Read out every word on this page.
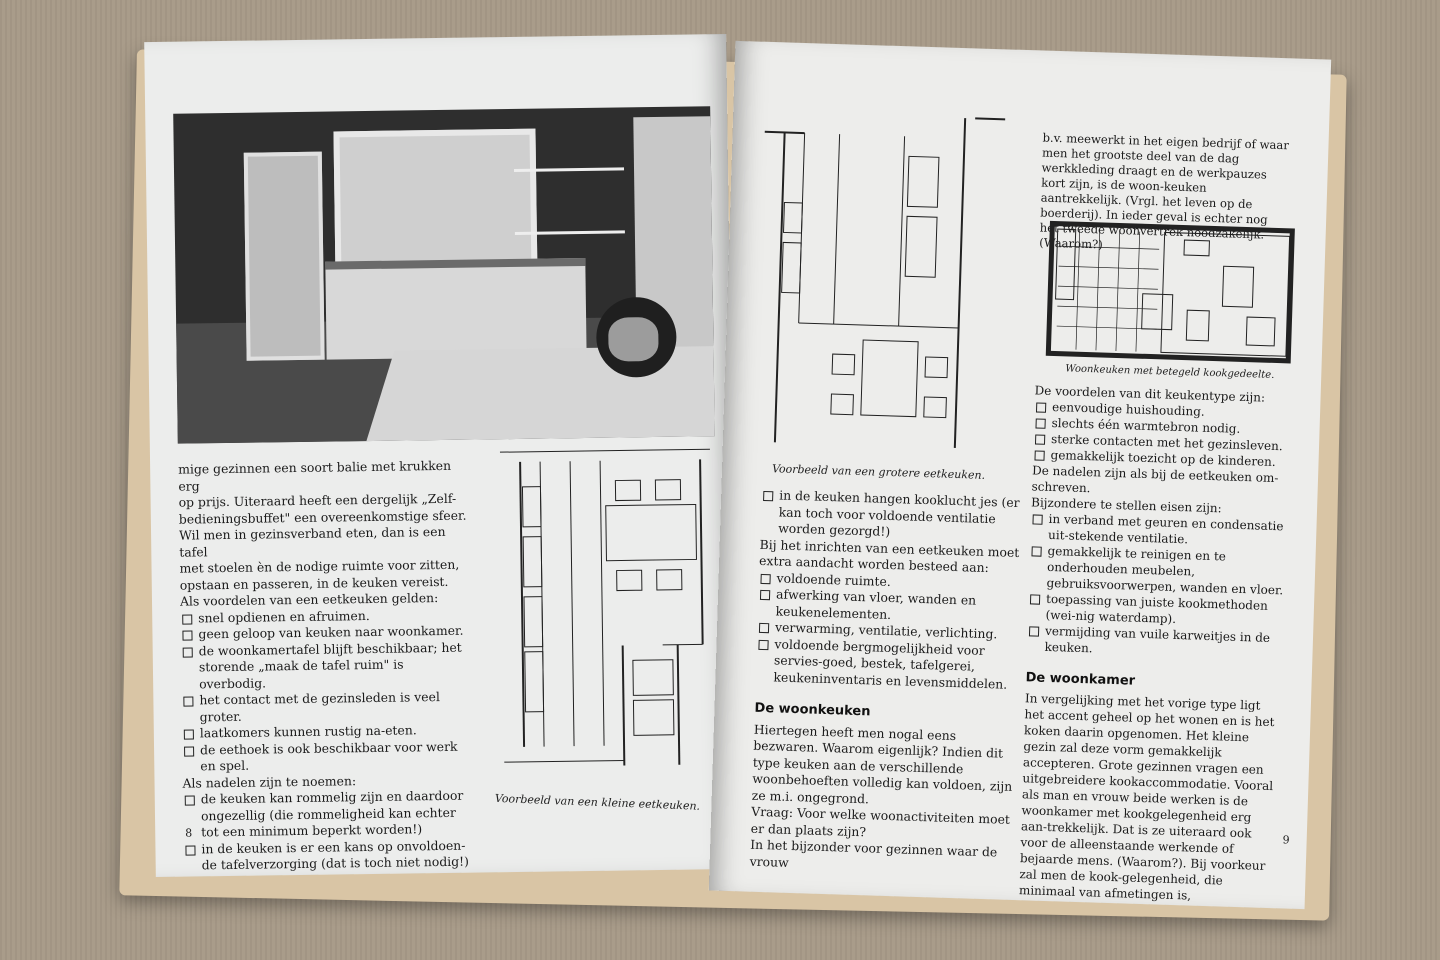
mige gezinnen een soort balie met krukken erg

op prijs. Uiteraard heeft een dergelijk „Zelf-

bedieningsbuffet" een overeenkomstige sfeer.

Wil men in gezinsverband eten, dan is een tafel

met stoelen èn de nodige ruimte voor zitten,

opstaan en passeren, in de keuken vereist.

Als voordelen van een eetkeuken gelden:

snel opdienen en afruimen.

geen geloop van keuken naar woonkamer.

de woonkamertafel blijft beschikbaar; het storende „maak de tafel ruim" is overbodig.

het contact met de gezinsleden is veel groter.

laatkomers kunnen rustig na-eten.

de eethoek is ook beschikbaar voor werk en spel.

Als nadelen zijn te noemen:

de keuken kan rommelig zijn en daardoor ongezellig (die rommeligheid kan echter tot een minimum beperkt worden!)

in de keuken is er een kans op onvoldoen-de tafelverzorging (dat is toch niet nodig!)

Voorbeeld van een kleine eetkeuken.
8
Voorbeeld van een grotere eetkeuken.

in de keuken hangen kooklucht jes (er kan toch voor voldoende ventilatie worden gezorgd!)

Bij het inrichten van een eetkeuken moet extra aandacht worden besteed aan:

voldoende ruimte.

afwerking van vloer, wanden en keukenelementen.

verwarming, ventilatie, verlichting.

voldoende bergmogelijkheid voor servies-goed, bestek, tafelgerei, keukeninventaris en levensmiddelen.

De woonkeuken

Hiertegen heeft men nogal eens bezwaren. Waarom eigenlijk? Indien dit type keuken aan de verschillende woonbehoeften volledig kan voldoen, zijn ze m.i. ongegrond.

Vraag: Voor welke woonactiviteiten moet er dan plaats zijn?

In het bijzonder voor gezinnen waar de vrouw

b.v. meewerkt in het eigen bedrijf of waar men het grootste deel van de dag werkkleding draagt en de werkpauzes kort zijn, is de woon-keuken aantrekkelijk. (Vrgl. het leven op de boerderij). In ieder geval is echter nog het tweede woonvertrek noodzakelijk. (Waarom?)

Woonkeuken met betegeld kookgedeelte.

De voordelen van dit keukentype zijn:

eenvoudige huishouding.

slechts één warmtebron nodig.

sterke contacten met het gezinsleven.

gemakkelijk toezicht op de kinderen.

De nadelen zijn als bij de eetkeuken om-schreven.

Bijzondere te stellen eisen zijn:

in verband met geuren en condensatie uit-stekende ventilatie.

gemakkelijk te reinigen en te onderhouden meubelen, gebruiksvoorwerpen, wanden en vloer.

toepassing van juiste kookmethoden (wei-nig waterdamp).

vermijding van vuile karweitjes in de keuken.

De woonkamer

In vergelijking met het vorige type ligt het accent geheel op het wonen en is het koken daarin opgenomen. Het kleine gezin zal deze vorm gemakkelijk accepteren. Grote gezinnen vragen een uitgebreidere kookaccommodatie. Vooral als man en vrouw beide werken is de woonkamer met kookgelegenheid erg aan-trekkelijk. Dat is ze uiteraard ook voor de alleenstaande werkende of bejaarde mens. (Waarom?). Bij voorkeur zal men de kook-gelegenheid, die minimaal van afmetingen is,

9
